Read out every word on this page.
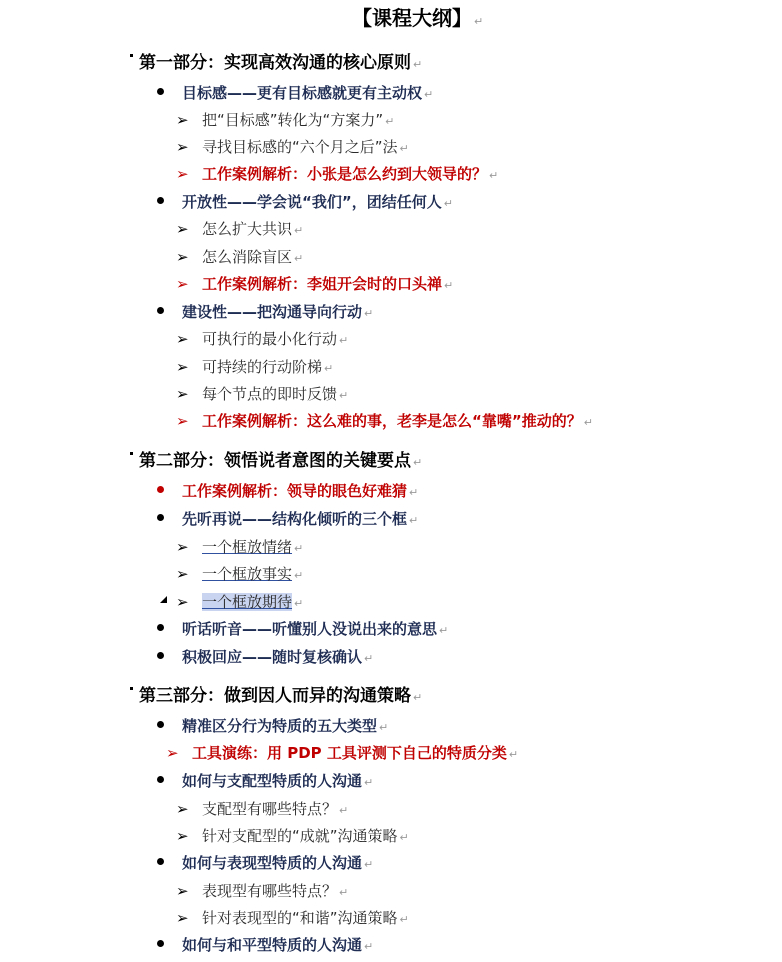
【课程大纲】 ↵
第一部分：实现高效沟通的核心原则 ↵
目标感——更有目标感就更有主动权 ↵
➢ 把“目标感”转化为“方案力” ↵
➢ 寻找目标感的“六个月之后”法 ↵
➢ 工作案例解析：小张是怎么约到大领导的？ ↵
开放性——学会说“我们”，团结任何人 ↵
➢ 怎么扩大共识 ↵
➢ 怎么消除盲区 ↵
➢ 工作案例解析：李姐开会时的口头禅 ↵
建设性——把沟通导向行动 ↵
➢ 可执行的最小化行动 ↵
➢ 可持续的行动阶梯 ↵
➢ 每个节点的即时反馈 ↵
➢ 工作案例解析：这么难的事，老李是怎么“靠嘴”推动的？ ↵
第二部分：领悟说者意图的关键要点 ↵
工作案例解析：领导的眼色好难猜 ↵
先听再说——结构化倾听的三个框 ↵
➢ 一个框放情绪 ↵
➢ 一个框放事实 ↵
➢ 一个框放期待 ↵
听话听音——听懂别人没说出来的意思 ↵
积极回应——随时复核确认 ↵
第三部分：做到因人而异的沟通策略 ↵
精准区分行为特质的五大类型 ↵
➢ 工具演练：用 PDP 工具评测下自己的特质分类 ↵
如何与支配型特质的人沟通 ↵
➢ 支配型有哪些特点？ ↵
➢ 针对支配型的“成就”沟通策略 ↵
如何与表现型特质的人沟通 ↵
➢ 表现型有哪些特点？ ↵
➢ 针对表现型的“和谐”沟通策略 ↵
如何与和平型特质的人沟通 ↵
